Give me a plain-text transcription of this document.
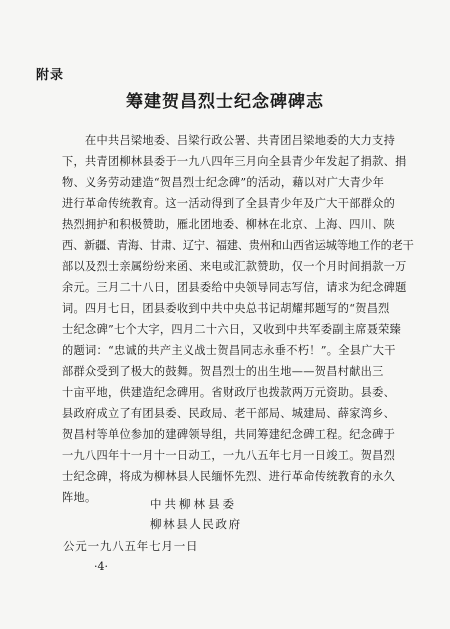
附录
筹建贺昌烈士纪念碑碑志

　　在中共吕梁地委、吕梁行政公署、共青团吕梁地委的大力支持

下，共青团柳林县委于一九八四年三月向全县青少年发起了捐款、捐

物、义务劳动建造“贺昌烈士纪念碑”的活动，藉以对广大青少年

进行革命传统教育。这一活动得到了全县青少年及广大干部群众的

热烈拥护和积极赞助，雁北团地委、柳林在北京、上海、四川、陕

西、新疆、青海、甘肃、辽宁、福建、贵州和山西省运城等地工作的老干

部以及烈士亲属纷纷来函、来电或汇款赞助，仅一个月时间捐款一万

余元。三月二十八日，团县委给中央领导同志写信，请求为纪念碑题

词。四月七日，团县委收到中共中央总书记胡耀邦题写的“贺昌烈

士纪念碑”七个大字，四月二十六日，又收到中共军委副主席聂荣臻

的题词：“忠诚的共产主义战士贺昌同志永垂不朽！”。全县广大干

部群众受到了极大的鼓舞。贺昌烈士的出生地——贺昌村献出三

十亩平地，供建造纪念碑用。省财政厅也拨款两万元资助。县委、

县政府成立了有团县委、民政局、老干部局、城建局、薛家湾乡、

贺昌村等单位参加的建碑领导组，共同筹建纪念碑工程。纪念碑于

一九八四年十一月十一日动工，一九八五年七月一日竣工。贺昌烈

士纪念碑，将成为柳林县人民缅怀先烈、进行革命传统教育的永久

阵地。	中共柳林县委
柳林县人民政府
公元一九八五年七月一日
·4·
